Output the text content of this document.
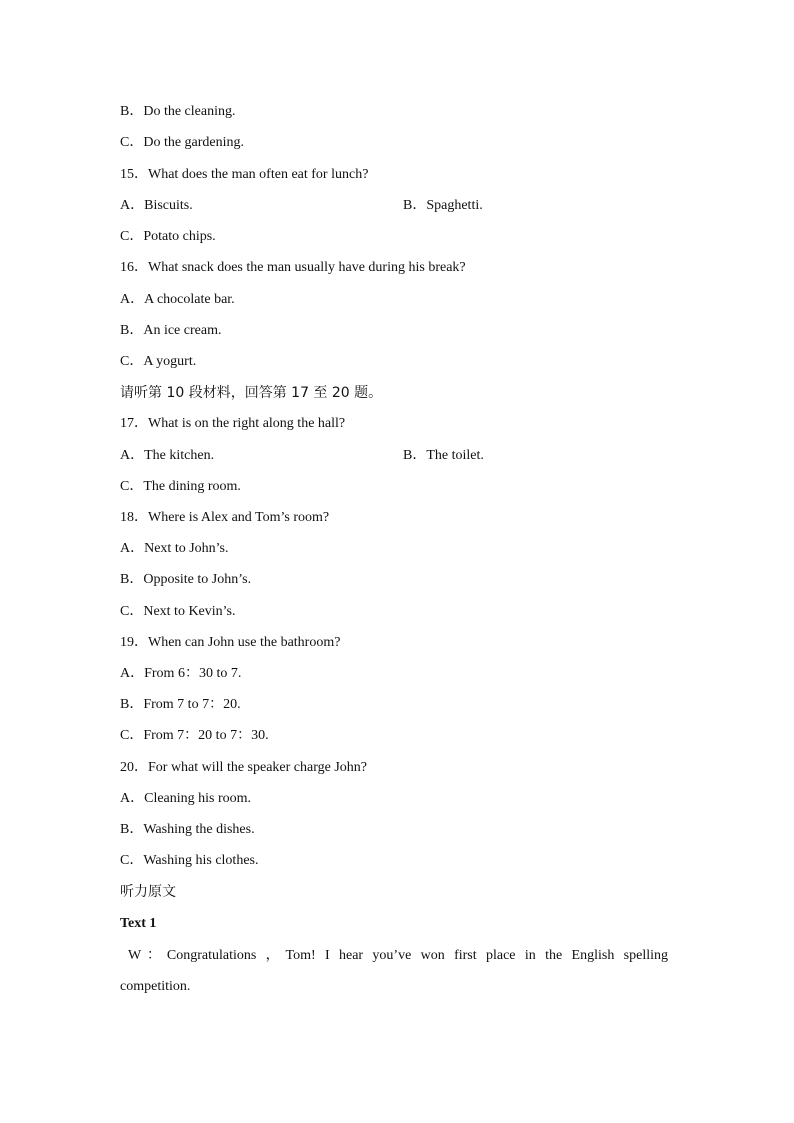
B．Do the cleaning.
C．Do the gardening.
15．What does the man often eat for lunch?
A．Biscuits.	B．Spaghetti.
C．Potato chips.
16．What snack does the man usually have during his break?
A．A chocolate bar.
B．An ice cream.
C．A yogurt.
请听第 10 段材料，回答第 17 至 20 题。
17．What is on the right along the hall?
A．The kitchen.	B．The toilet.
C．The dining room.
18．Where is Alex and Tom’s room?
A．Next to John’s.
B．Opposite to John’s.
C．Next to Kevin’s.
19．When can John use the bathroom?
A．From 6：30 to 7.
B．From 7 to 7：20.
C．From 7：20 to 7：30.
20．For what will the speaker charge John?
A．Cleaning his room.
B．Washing the dishes.
C．Washing his clothes.
听力原文
Text 1
W：Congratulations ，Tom! I hear you’ve won first place in the English spelling
competition.
